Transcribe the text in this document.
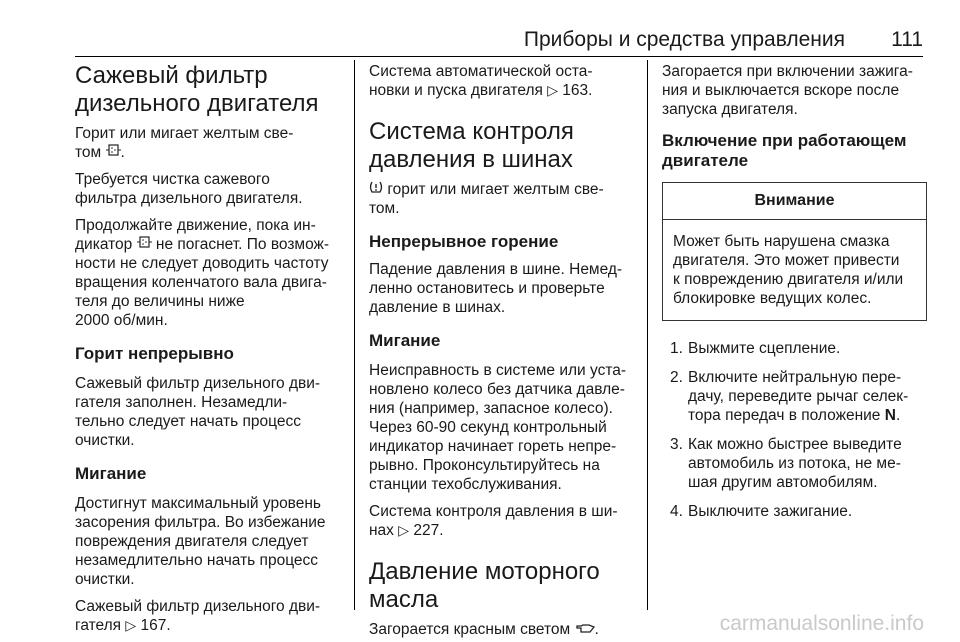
Приборы и средства управления 111
Сажевый фильтр
дизельного двигателя

Горит или мигает желтым све-
том .

Требуется чистка сажевого
фильтра дизельного двигателя.

Продолжайте движение, пока ин-
дикатор не погаснет. По возмож-
ности не следует доводить частоту
вращения коленчатого вала двига-
теля до величины ниже
2000 об/мин.

Горит непрерывно

Сажевый фильтр дизельного дви-
гателя заполнен. Незамедли-
тельно следует начать процесс
очистки.

Мигание

Достигнут максимальный уровень
засорения фильтра. Во избежание
повреждения двигателя следует
незамедлительно начать процесс
очистки.

Сажевый фильтр дизельного дви-
гателя ▷ 167.

Система автоматической оста-
новки и пуска двигателя ▷ 163.

Система контроля
давления в шинах

горит или мигает желтым све-
том.

Непрерывное горение

Падение давления в шине. Немед-
ленно остановитесь и проверьте
давление в шинах.

Мигание

Неисправность в системе или уста-
новлено колесо без датчика давле-
ния (например, запасное колесо).
Через 60-90 секунд контрольный
индикатор начинает гореть непре-
рывно. Проконсультируйтесь на
станции техобслуживания.

Система контроля давления в ши-
нах ▷ 227.

Давление моторного
масла

Загорается красным светом .

Загорается при включении зажига-
ния и выключается вскоре после
запуска двигателя.

Включение при работающем
двигателе
Внимание
Может быть нарушена смазка
двигателя. Это может привести
к повреждению двигателя и/или
блокировке ведущих колес.
1. Выжмите сцепление.
2. Включите нейтральную пере-
дачу, переведите рычаг селек-
тора передач в положение N.
3. Как можно быстрее выведите
автомобиль из потока, не ме-
шая другим автомобилям.
4. Выключите зажигание.
carmanualsonline.info
